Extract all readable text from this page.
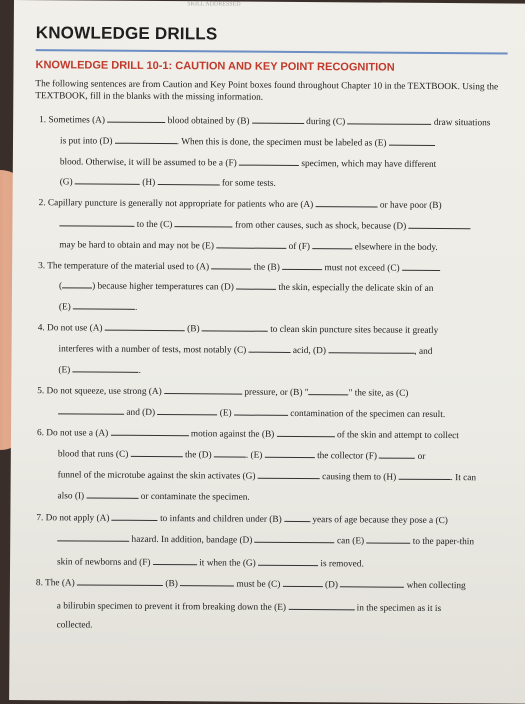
SKILL ADDRESSED
KNOWLEDGE DRILLS
KNOWLEDGE DRILL 10-1: CAUTION AND KEY POINT RECOGNITION
The following sentences are from Caution and Key Point boxes found throughout Chapter 10 in the TEXTBOOK. Using the TEXTBOOK, fill in the blanks with the missing information.
1. Sometimes (A)	blood obtained by (B)	during (C)	draw situations
is put into (D)	. When this is done, the specimen must be labeled as (E)
blood. Otherwise, it will be assumed to be a (F)	specimen, which may have different
(G)	(H)	for some tests.
2. Capillary puncture is generally not appropriate for patients who are (A)	or have poor (B)
to the (C)	from other causes, such as shock, because (D)
may be hard to obtain and may not be (E)	of (F)	elsewhere in the body.
3. The temperature of the material used to (A)	the (B)	must not exceed (C)
(	) because higher temperatures can (D)	the skin, especially the delicate skin of an
(E)	.
4. Do not use (A)	(B)	to clean skin puncture sites because it greatly
interferes with a number of tests, most notably (C)	acid, (D)	, and
(E)	.
5. Do not squeeze, use strong (A)	pressure, or (B) "	" the site, as (C)
and (D)	(E)	contamination of the specimen can result.
6. Do not use a (A)	motion against the (B)	of the skin and attempt to collect
blood that runs (C)	the (D)	. (E)	the collector (F)	or
funnel of the microtube against the skin activates (G)	causing them to (H)	. It can
also (I)	or contaminate the specimen.
7. Do not apply (A)	to infants and children under (B)	years of age because they pose a (C)
hazard. In addition, bandage (D)	can (E)	to the paper-thin
skin of newborns and (F)	it when the (G)	is removed.
8. The (A)	(B)	must be (C)	(D)	when collecting
a bilirubin specimen to prevent it from breaking down the (E)	in the specimen as it is
collected.
